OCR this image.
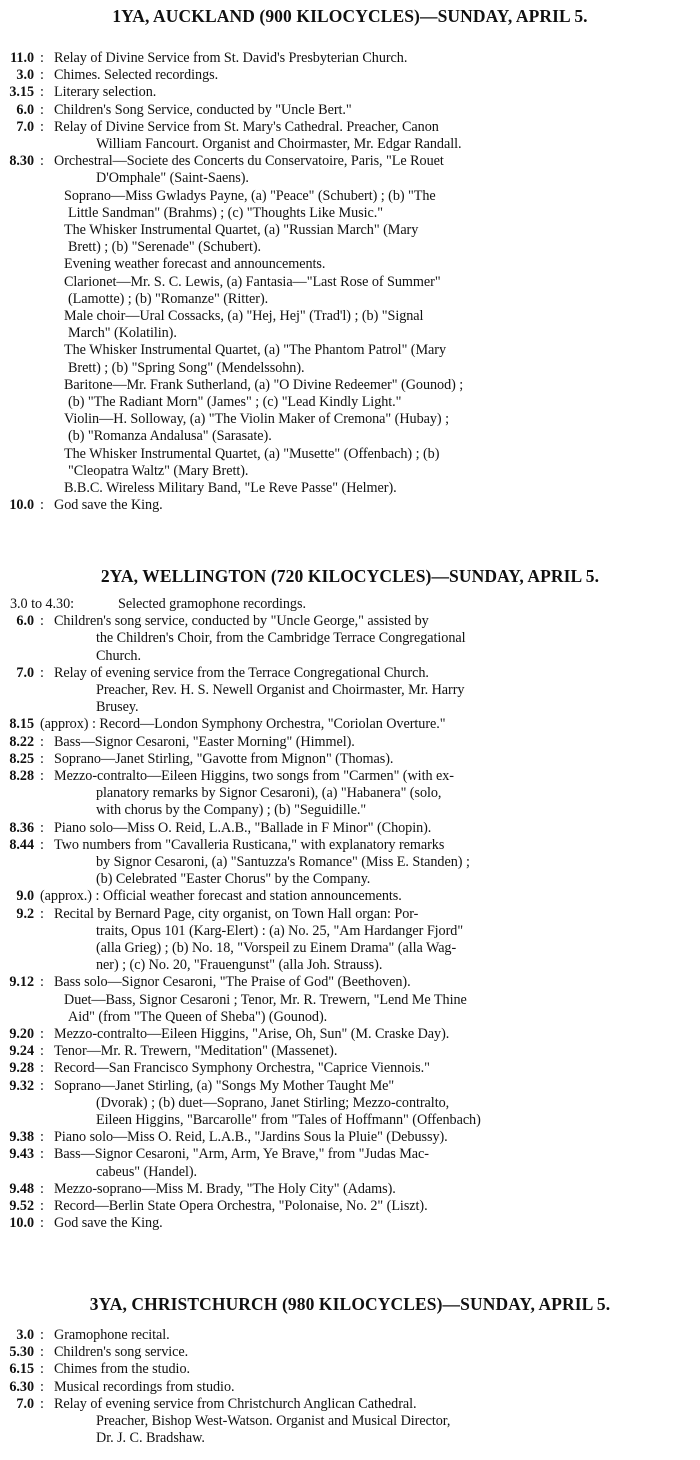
1YA, AUCKLAND (900 KILOCYCLES)—SUNDAY, APRIL 5.
11.0 : Relay of Divine Service from St. David's Presbyterian Church.
3.0 : Chimes. Selected recordings.
3.15 : Literary selection.
6.0 : Children's Song Service, conducted by "Uncle Bert."
7.0 : Relay of Divine Service from St. Mary's Cathedral. Preacher, Canon
William Fancourt. Organist and Choirmaster, Mr. Edgar Randall.
8.30 : Orchestral—Societe des Concerts du Conservatoire, Paris, "Le Rouet
D'Omphale" (Saint-Saens).
Soprano—Miss Gwladys Payne, (a) "Peace" (Schubert) ; (b) "The
Little Sandman" (Brahms) ; (c) "Thoughts Like Music."
The Whisker Instrumental Quartet, (a) "Russian March" (Mary
Brett) ; (b) "Serenade" (Schubert).
Evening weather forecast and announcements.
Clarionet—Mr. S. C. Lewis, (a) Fantasia—"Last Rose of Summer"
(Lamotte) ; (b) "Romanze" (Ritter).
Male choir—Ural Cossacks, (a) "Hej, Hej" (Trad'l) ; (b) "Signal
March" (Kolatilin).
The Whisker Instrumental Quartet, (a) "The Phantom Patrol" (Mary
Brett) ; (b) "Spring Song" (Mendelssohn).
Baritone—Mr. Frank Sutherland, (a) "O Divine Redeemer" (Gounod) ;
(b) "The Radiant Morn" (James" ; (c) "Lead Kindly Light."
Violin—H. Solloway, (a) "The Violin Maker of Cremona" (Hubay) ;
(b) "Romanza Andalusa" (Sarasate).
The Whisker Instrumental Quartet, (a) "Musette" (Offenbach) ; (b)
"Cleopatra Waltz" (Mary Brett).
B.B.C. Wireless Military Band, "Le Reve Passe" (Helmer).
10.0 : God save the King.
2YA, WELLINGTON (720 KILOCYCLES)—SUNDAY, APRIL 5.
3.0 to 4.30:	Selected gramophone recordings.
6.0 : Children's song service, conducted by "Uncle George," assisted by
the Children's Choir, from the Cambridge Terrace Congregational
Church.
7.0 : Relay of evening service from the Terrace Congregational Church.
Preacher, Rev. H. S. Newell Organist and Choirmaster, Mr. Harry
Brusey.
8.15 (approx) : Record—London Symphony Orchestra, "Coriolan Overture."
8.22 : Bass—Signor Cesaroni, "Easter Morning" (Himmel).
8.25 : Soprano—Janet Stirling, "Gavotte from Mignon" (Thomas).
8.28 : Mezzo-contralto—Eileen Higgins, two songs from "Carmen" (with ex-
planatory remarks by Signor Cesaroni), (a) "Habanera" (solo,
with chorus by the Company) ; (b) "Seguidille."
8.36 : Piano solo—Miss O. Reid, L.A.B., "Ballade in F Minor" (Chopin).
8.44 : Two numbers from "Cavalleria Rusticana," with explanatory remarks
by Signor Cesaroni, (a) "Santuzza's Romance" (Miss E. Standen) ;
(b) Celebrated "Easter Chorus" by the Company.
9.0 (approx.) : Official weather forecast and station announcements.
9.2 : Recital by Bernard Page, city organist, on Town Hall organ: Por-
traits, Opus 101 (Karg-Elert) : (a) No. 25, "Am Hardanger Fjord"
(alla Grieg) ; (b) No. 18, "Vorspeil zu Einem Drama" (alla Wag-
ner) ; (c) No. 20, "Frauengunst" (alla Joh. Strauss).
9.12 : Bass solo—Signor Cesaroni, "The Praise of God" (Beethoven).
Duet—Bass, Signor Cesaroni ; Tenor, Mr. R. Trewern, "Lend Me Thine
Aid" (from "The Queen of Sheba") (Gounod).
9.20 : Mezzo-contralto—Eileen Higgins, "Arise, Oh, Sun" (M. Craske Day).
9.24 : Tenor—Mr. R. Trewern, "Meditation" (Massenet).
9.28 : Record—San Francisco Symphony Orchestra, "Caprice Viennois."
9.32 : Soprano—Janet Stirling, (a) "Songs My Mother Taught Me"
(Dvorak) ; (b) duet—Soprano, Janet Stirling; Mezzo-contralto,
Eileen Higgins, "Barcarolle" from "Tales of Hoffmann" (Offenbach)
9.38 : Piano solo—Miss O. Reid, L.A.B., "Jardins Sous la Pluie" (Debussy).
9.43 : Bass—Signor Cesaroni, "Arm, Arm, Ye Brave," from "Judas Mac-
cabeus" (Handel).
9.48 : Mezzo-soprano—Miss M. Brady, "The Holy City" (Adams).
9.52 : Record—Berlin State Opera Orchestra, "Polonaise, No. 2" (Liszt).
10.0 : God save the King.
3YA, CHRISTCHURCH (980 KILOCYCLES)—SUNDAY, APRIL 5.
3.0 : Gramophone recital.
5.30 : Children's song service.
6.15 : Chimes from the studio.
6.30 : Musical recordings from studio.
7.0 : Relay of evening service from Christchurch Anglican Cathedral.
Preacher, Bishop West-Watson. Organist and Musical Director,
Dr. J. C. Bradshaw.
